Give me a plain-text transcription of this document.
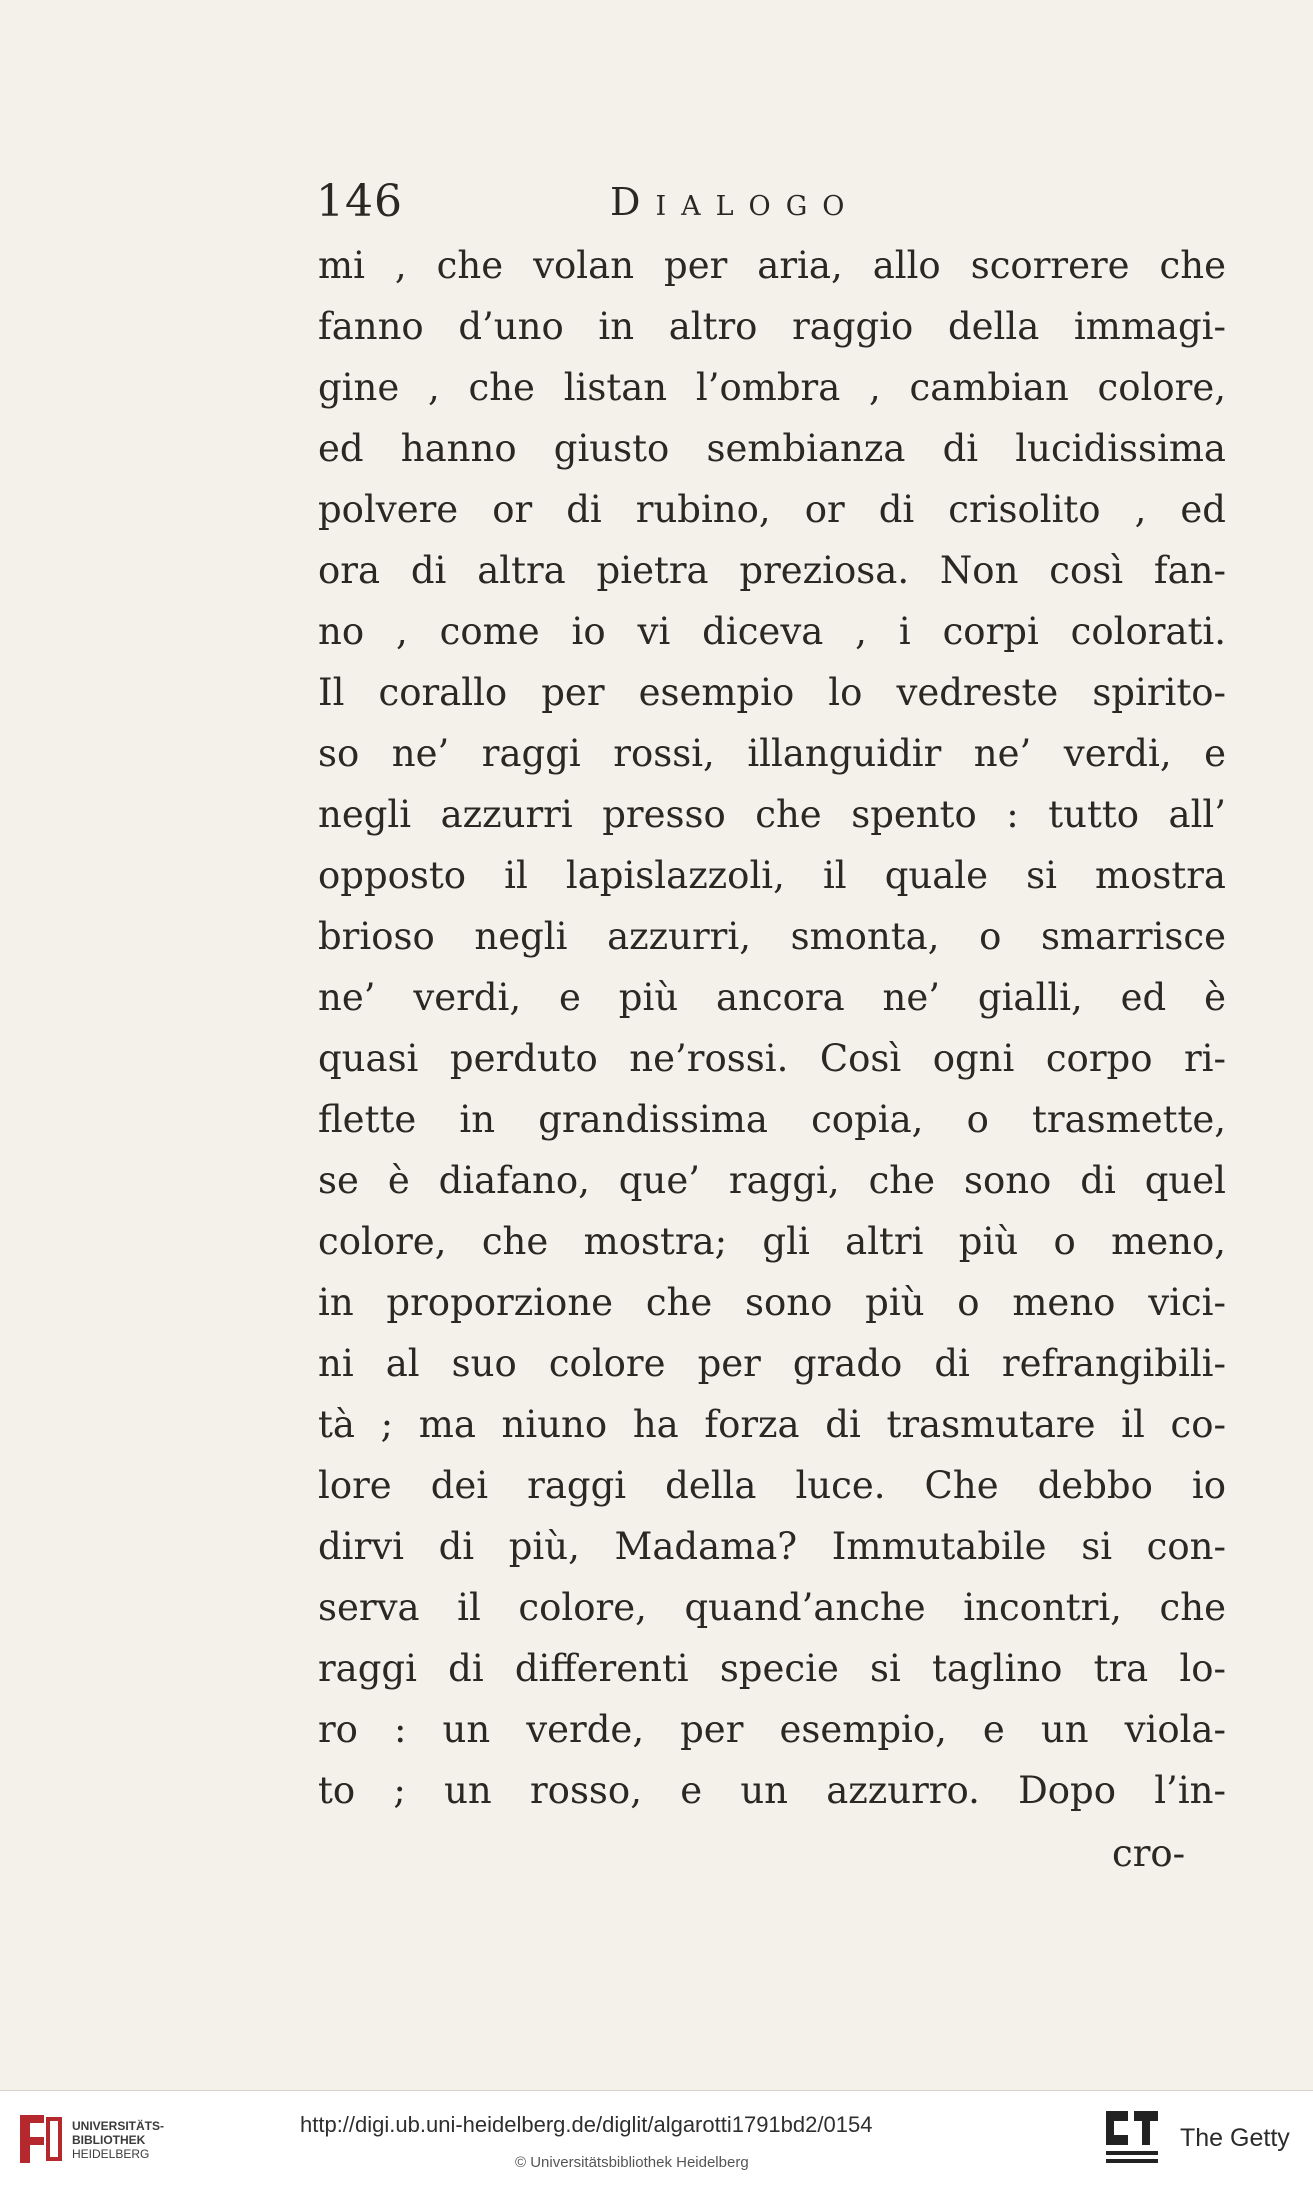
146	Dialogo
mi , che volan per aria, allo scorrere che
fanno d’uno in altro raggio della immagi-
gine , che listan l’ombra , cambian colore,
ed hanno giusto sembianza di lucidissima
polvere or di rubino, or di crisolito , ed
ora di altra pietra preziosa. Non così fan-
no , come io vi diceva , i corpi colorati.
Il corallo per esempio lo vedreste spirito-
so ne’ raggi rossi, illanguidir ne’ verdi, e
negli azzurri presso che spento : tutto all’
opposto il lapislazzoli, il quale si mostra
brioso negli azzurri, smonta, o smarrisce
ne’ verdi, e più ancora ne’ gialli, ed è
quasi perduto ne’rossi. Così ogni corpo ri-
flette in grandissima copia, o trasmette,
se è diafano, que’ raggi, che sono di quel
colore, che mostra; gli altri più o meno,
in proporzione che sono più o meno vici-
ni al suo colore per grado di refrangibili-
tà ; ma niuno ha forza di trasmutare il co-
lore dei raggi della luce. Che debbo io
dirvi di più, Madama? Immutabile si con-
serva il colore, quand’anche incontri, che
raggi di differenti specie si taglino tra lo-
ro : un verde, per esempio, e un viola-
to ; un rosso, e un azzurro. Dopo l’in-
cro-
UNIVERSITÄTS-
BIBLIOTHEK
HEIDELBERG
http://digi.ub.uni-heidelberg.de/diglit/algarotti1791bd2/0154
© Universitätsbibliothek Heidelberg
The Getty
